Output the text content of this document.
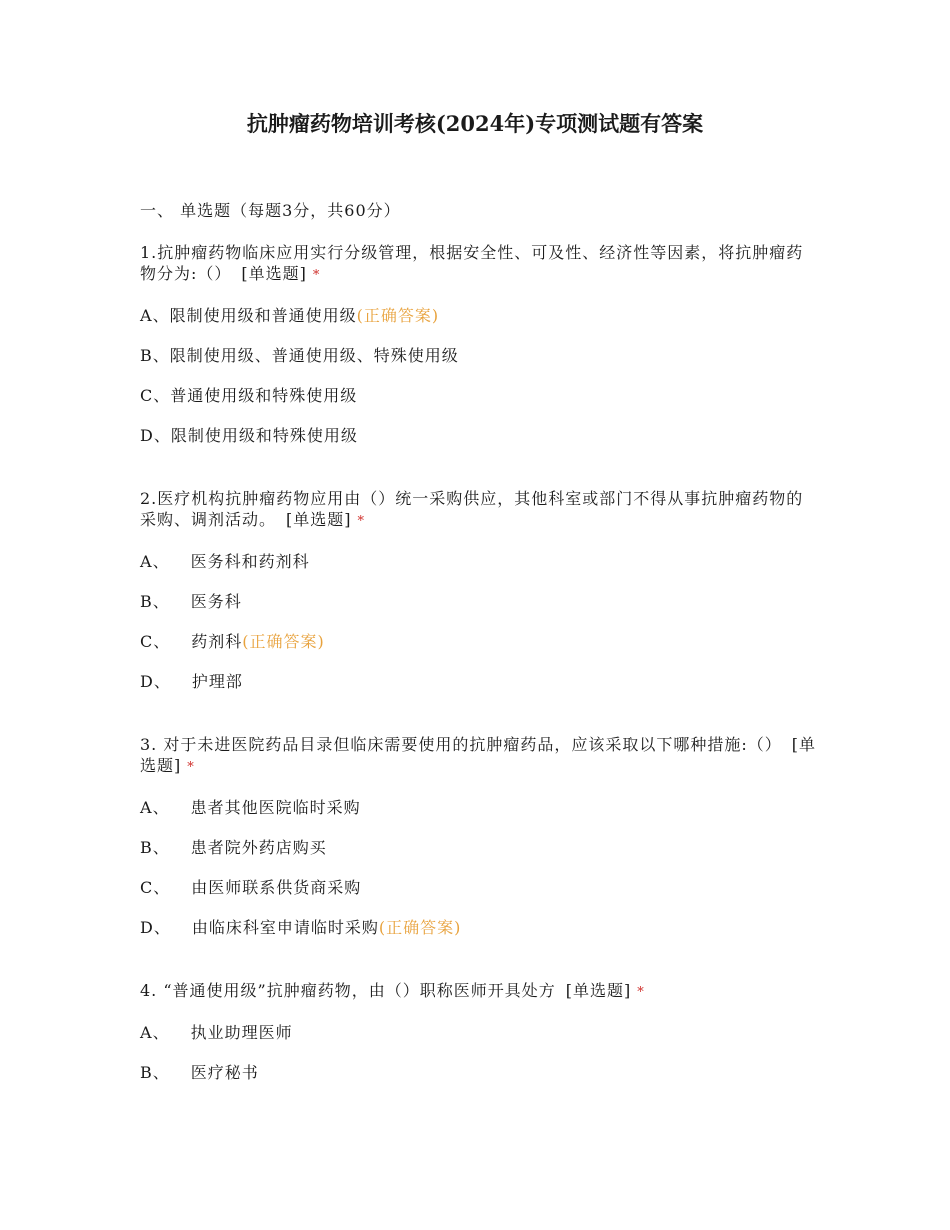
抗肿瘤药物培训考核(2024年)专项测试题有答案
一、 单选题（每题3分，共60分）

1.抗肿瘤药物临床应用实行分级管理，根据安全性、可及性、经济性等因素，将抗肿瘤药物分为:（） [单选题] *

A、限制使用级和普通使用级(正确答案)
B、限制使用级、普通使用级、特殊使用级
C、普通使用级和特殊使用级
D、限制使用级和特殊使用级

2.医疗机构抗肿瘤药物应用由（）统一采购供应，其他科室或部门不得从事抗肿瘤药物的采购、调剂活动。 [单选题] *

A、 医务科和药剂科
B、 医务科
C、 药剂科(正确答案)
D、 护理部

3. 对于未进医院药品目录但临床需要使用的抗肿瘤药品，应该采取以下哪种措施:（） [单选题] *

A、 患者其他医院临时采购
B、 患者院外药店购买
C、 由医师联系供货商采购
D、 由临床科室申请临时采购(正确答案)

4. “普通使用级”抗肿瘤药物，由（）职称医师开具处方 [单选题] *

A、 执业助理医师
B、 医疗秘书
